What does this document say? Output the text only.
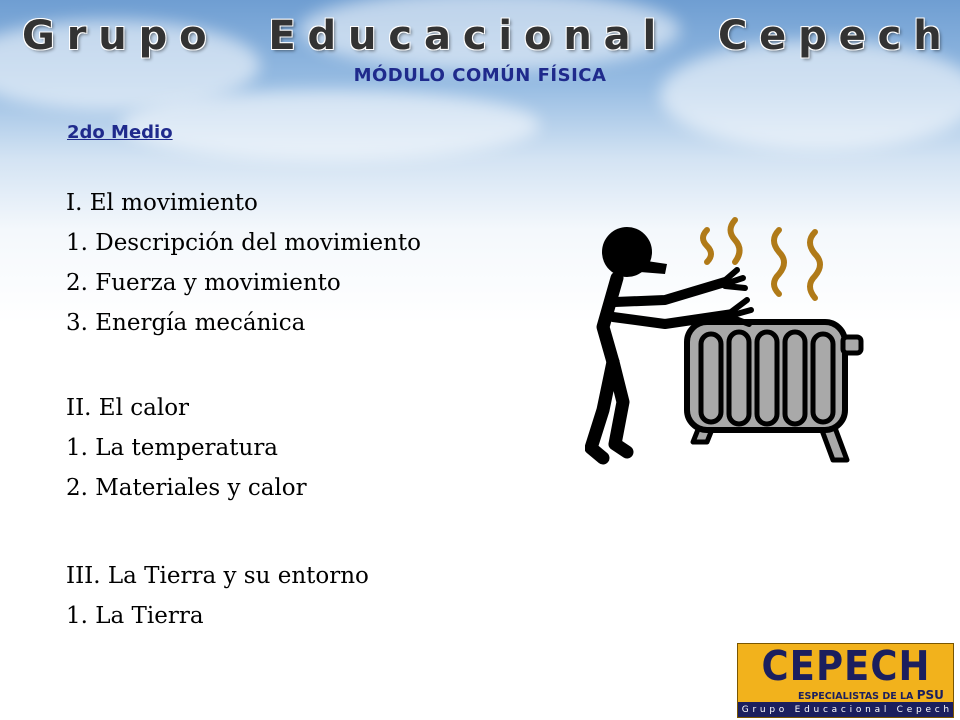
G r u p o E d u c a c i o n a l C e p e c h
MÓDULO COMÚN FÍSICA
2do Medio
I. El movimiento
1. Descripción del movimiento
2. Fuerza y movimiento
3. Energía mecánica
II. El calor
1. La temperatura
2. Materiales y calor
III. La Tierra y su entorno
1. La Tierra
CEPECH
ESPECIALISTAS DE LA PSU
G r u p o
E d u c a c i o n a l
C e p e c h
